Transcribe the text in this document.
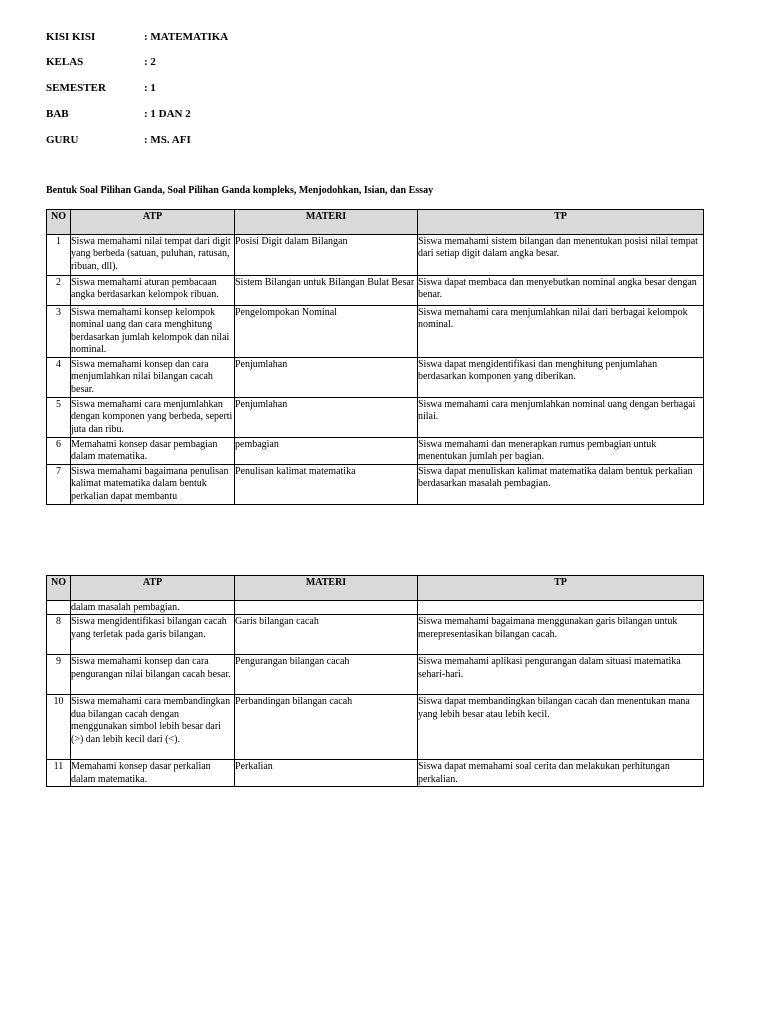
KISI KISI	: MATEMATIKA
KELAS	: 2
SEMESTER	: 1
BAB	: 1 DAN 2
GURU	: MS. AFI
Bentuk Soal Pilihan Ganda, Soal Pilihan Ganda kompleks, Menjodohkan, Isian, dan Essay
NO	ATP	MATERI	TP
1	Siswa memahami nilai tempat dari digit yang berbeda (satuan, puluhan, ratusan, ribuan, dll).	Posisi Digit dalam Bilangan	Siswa memahami sistem bilangan dan menentukan posisi nilai tempat dari setiap digit dalam angka besar.
2	Siswa memahami aturan pembacaan angka berdasarkan kelompok ribuan.	Sistem Bilangan untuk Bilangan Bulat Besar	Siswa dapat membaca dan menyebutkan nominal angka besar dengan benar.
3	Siswa memahami konsep kelompok nominal uang dan cara menghitung berdasarkan jumlah kelompok dan nilai nominal.	Pengelompokan Nominal	Siswa memahami cara menjumlahkan nilai dari berbagai kelompok nominal.
4	Siswa memahami konsep dan cara menjumlahkan nilai bilangan cacah besar.	Penjumlahan	Siswa dapat mengidentifikasi dan menghitung penjumlahan berdasarkan komponen yang diberikan.
5	Siswa memahami cara menjumlahkan dengan komponen yang berbeda, seperti juta dan ribu.	Penjumlahan	Siswa memahami cara menjumlahkan nominal uang dengan berbagai nilai.
6	Memahami konsep dasar pembagian dalam matematika.	pembagian	Siswa memahami dan menerapkan rumus pembagian untuk menentukan jumlah per bagian.
7	Siswa memahami bagaimana penulisan kalimat matematika dalam bentuk perkalian dapat membantu	Penulisan kalimat matematika	Siswa dapat menuliskan kalimat matematika dalam bentuk perkalian berdasarkan masalah pembagian.
NO	ATP	MATERI	TP
	dalam masalah pembagian.		
8	Siswa mengidentifikasi bilangan cacah yang terletak pada garis bilangan.	Garis bilangan cacah	Siswa memahami bagaimana menggunakan garis bilangan untuk merepresentasikan bilangan cacah.
9	Siswa memahami konsep dan cara pengurangan nilai bilangan cacah besar.	Pengurangan bilangan cacah	Siswa memahami aplikasi pengurangan dalam situasi matematika sehari-hari.
10	Siswa memahami cara membandingkan dua bilangan cacah dengan menggunakan simbol lebih besar dari (>) dan lebih kecil dari (<).	Perbandingan bilangan cacah	Siswa dapat membandingkan bilangan cacah dan menentukan mana yang lebih besar atau lebih kecil.
11	Memahami konsep dasar perkalian dalam matematika.	Perkalian	Siswa dapat memahami soal cerita dan melakukan perhitungan perkalian.
